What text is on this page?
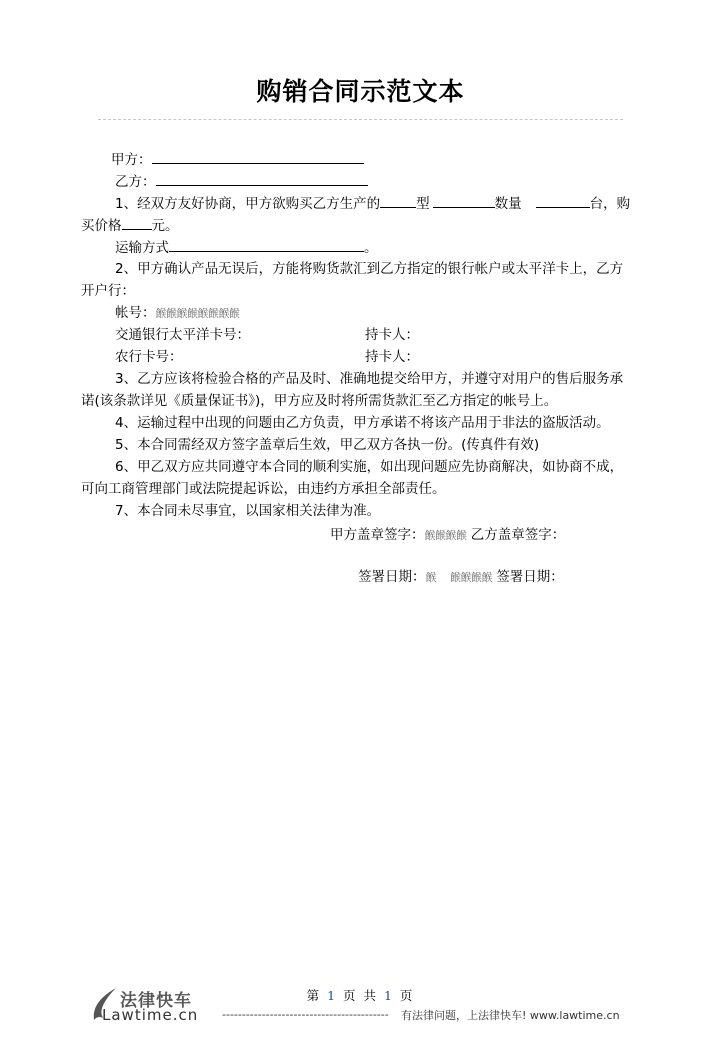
购销合同示范文本
甲方：
乙方：
1、经双方友好协商，甲方欲购买乙方生产的	型	数量	台，购
买价格 元。
运输方式	。
2、甲方确认产品无误后，方能将购货款汇到乙方指定的银行帐户或太平洋卡上，乙方
开户行：
帐号：餱餱餱餱餱餱餱餱
交通银行太平洋卡号：	持卡人：
农行卡号：	持卡人：
3、乙方应该将检验合格的产品及时、准确地提交给甲方，并遵守对用户的售后服务承
诺(该条款详见《质量保证书》)，甲方应及时将所需货款汇至乙方指定的帐号上。
4、运输过程中出现的问题由乙方负责，甲方承诺不将该产品用于非法的盗版活动。
5、本合同需经双方签字盖章后生效，甲乙双方各执一份。(传真件有效)
6、甲乙双方应共同遵守本合同的顺利实施，如出现问题应先协商解决，如协商不成，
可向工商管理部门或法院提起诉讼，由违约方承担全部责任。
7、本合同未尽事宜，以国家相关法律为准。
甲方盖章签字：餱餱餱餱 乙方盖章签字：
签署日期：餱 餱餱餱餱 签署日期：
第 1 页 共 1 页
法律快车
Lawtime.cn ------------------------------------------ 有法律问题，上法律快车! www.lawtime.cn
